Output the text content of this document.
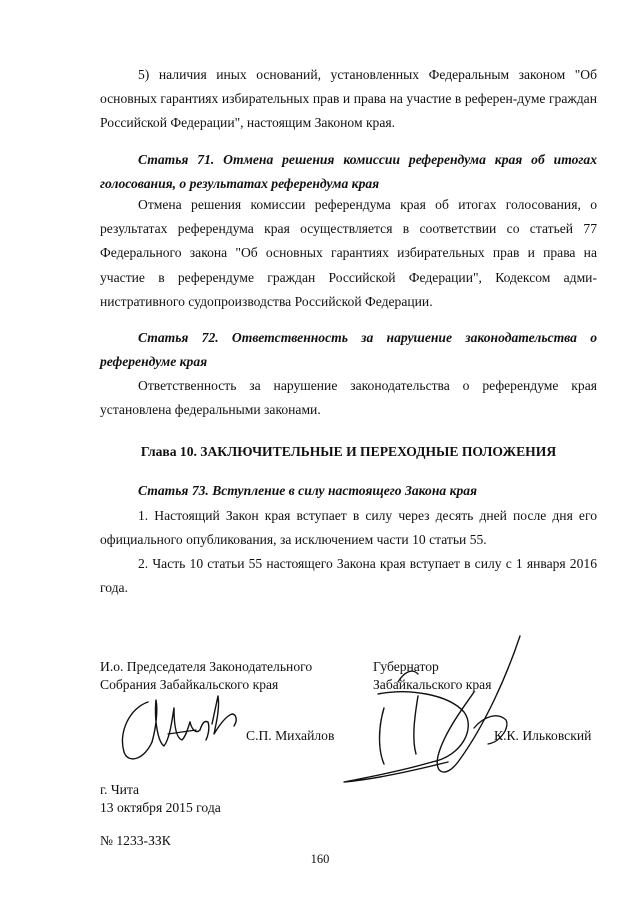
5) наличия иных оснований, установленных Федеральным законом "Об основных гарантиях избирательных прав и права на участие в референ-думе граждан Российской Федерации", настоящим Законом края.
Статья 71. Отмена решения комиссии референдума края об итогах голосования, о результатах референдума края
Отмена решения комиссии референдума края об итогах голосования, о результатах референдума края осуществляется в соответствии со статьей 77 Федерального закона "Об основных гарантиях избирательных прав и права на участие в референдуме граждан Российской Федерации", Кодексом адми-нистративного судопроизводства Российской Федерации.
Статья 72. Ответственность за нарушение законодательства о референдуме края
Ответственность за нарушение законодательства о референдуме края установлена федеральными законами.
Глава 10. ЗАКЛЮЧИТЕЛЬНЫЕ И ПЕРЕХОДНЫЕ ПОЛОЖЕНИЯ
Статья 73. Вступление в силу настоящего Закона края
1. Настоящий Закон края вступает в силу через десять дней после дня его официального опубликования, за исключением части 10 статьи 55.
2. Часть 10 статьи 55 настоящего Закона края вступает в силу с 1 января 2016 года.
И.о. Председателя Законодательного
Собрания Забайкальского края
Губернатор
Забайкальского края
С.П. Михайлов	К.К. Ильковский
г. Чита
13 октября 2015 года
№ 1233-ЗЗК
160
